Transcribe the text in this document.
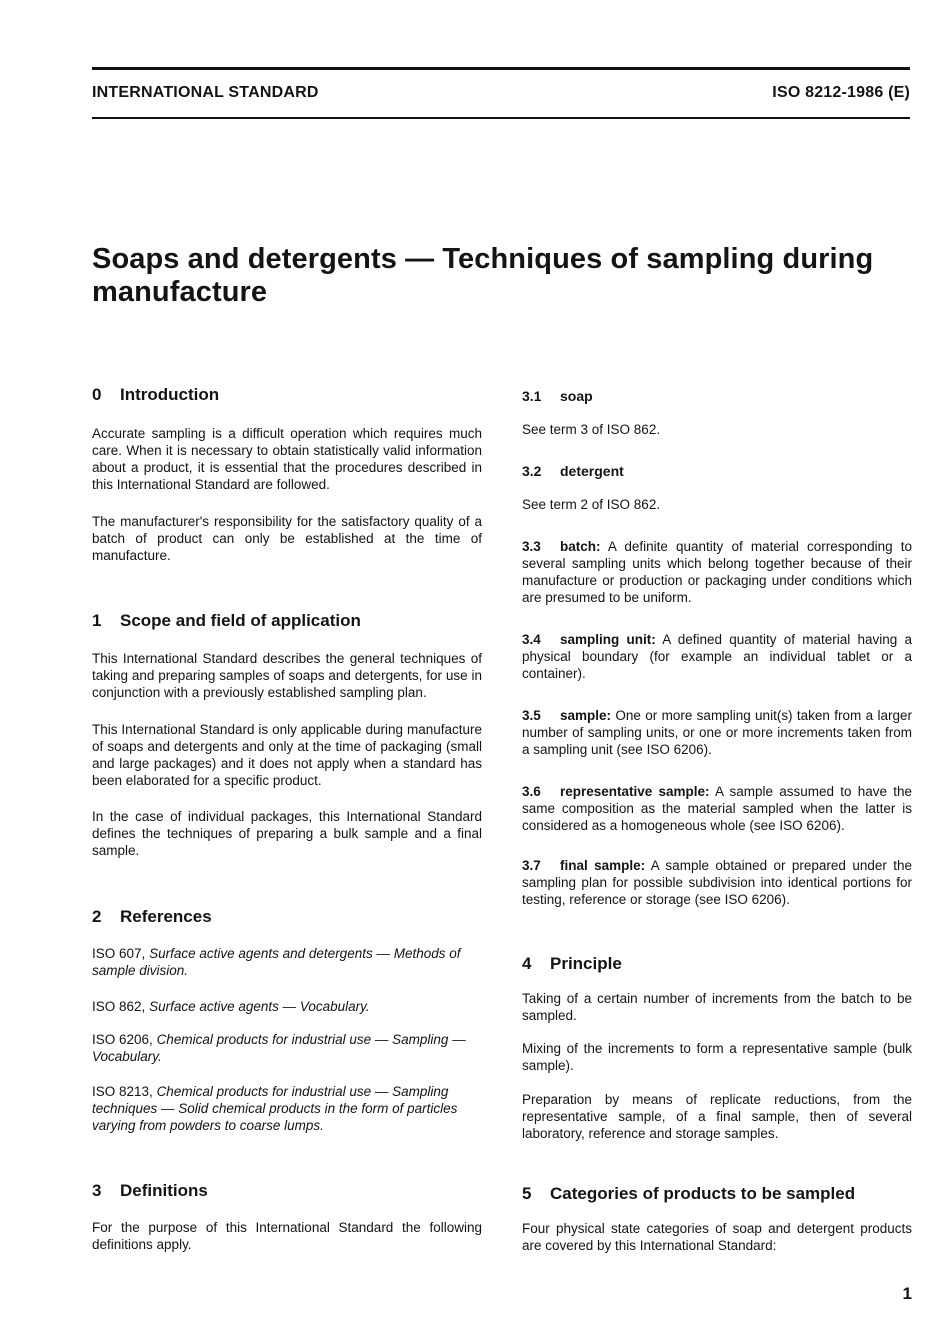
INTERNATIONAL STANDARD	ISO 8212-1986 (E)
Soaps and detergents — Techniques of sampling during manufacture
0 Introduction

Accurate sampling is a difficult operation which requires much care. When it is necessary to obtain statistically valid information about a product, it is essential that the procedures described in this International Standard are followed.

The manufacturer's responsibility for the satisfactory quality of a batch of product can only be established at the time of manufacture.

1 Scope and field of application

This International Standard describes the general techniques of taking and preparing samples of soaps and detergents, for use in conjunction with a previously established sampling plan.

This International Standard is only applicable during manufacture of soaps and detergents and only at the time of packaging (small and large packages) and it does not apply when a standard has been elaborated for a specific product.

In the case of individual packages, this International Standard defines the techniques of preparing a bulk sample and a final sample.

2 References

ISO 607, Surface active agents and detergents — Methods of sample division.

ISO 862, Surface active agents — Vocabulary.

ISO 6206, Chemical products for industrial use — Sampling — Vocabulary.

ISO 8213, Chemical products for industrial use — Sampling techniques — Solid chemical products in the form of particles varying from powders to coarse lumps.

3 Definitions

For the purpose of this International Standard the following definitions apply.

3.1 soap

See term 3 of ISO 862.

3.2 detergent

See term 2 of ISO 862.

3.3 batch: A definite quantity of material corresponding to several sampling units which belong together because of their manufacture or production or packaging under conditions which are presumed to be uniform.

3.4 sampling unit: A defined quantity of material having a physical boundary (for example an individual tablet or a container).

3.5 sample: One or more sampling unit(s) taken from a larger number of sampling units, or one or more increments taken from a sampling unit (see ISO 6206).

3.6 representative sample: A sample assumed to have the same composition as the material sampled when the latter is considered as a homogeneous whole (see ISO 6206).

3.7 final sample: A sample obtained or prepared under the sampling plan for possible subdivision into identical portions for testing, reference or storage (see ISO 6206).

4 Principle

Taking of a certain number of increments from the batch to be sampled.

Mixing of the increments to form a representative sample (bulk sample).

Preparation by means of replicate reductions, from the representative sample, of a final sample, then of several laboratory, reference and storage samples.

5 Categories of products to be sampled

Four physical state categories of soap and detergent products are covered by this International Standard:

1
